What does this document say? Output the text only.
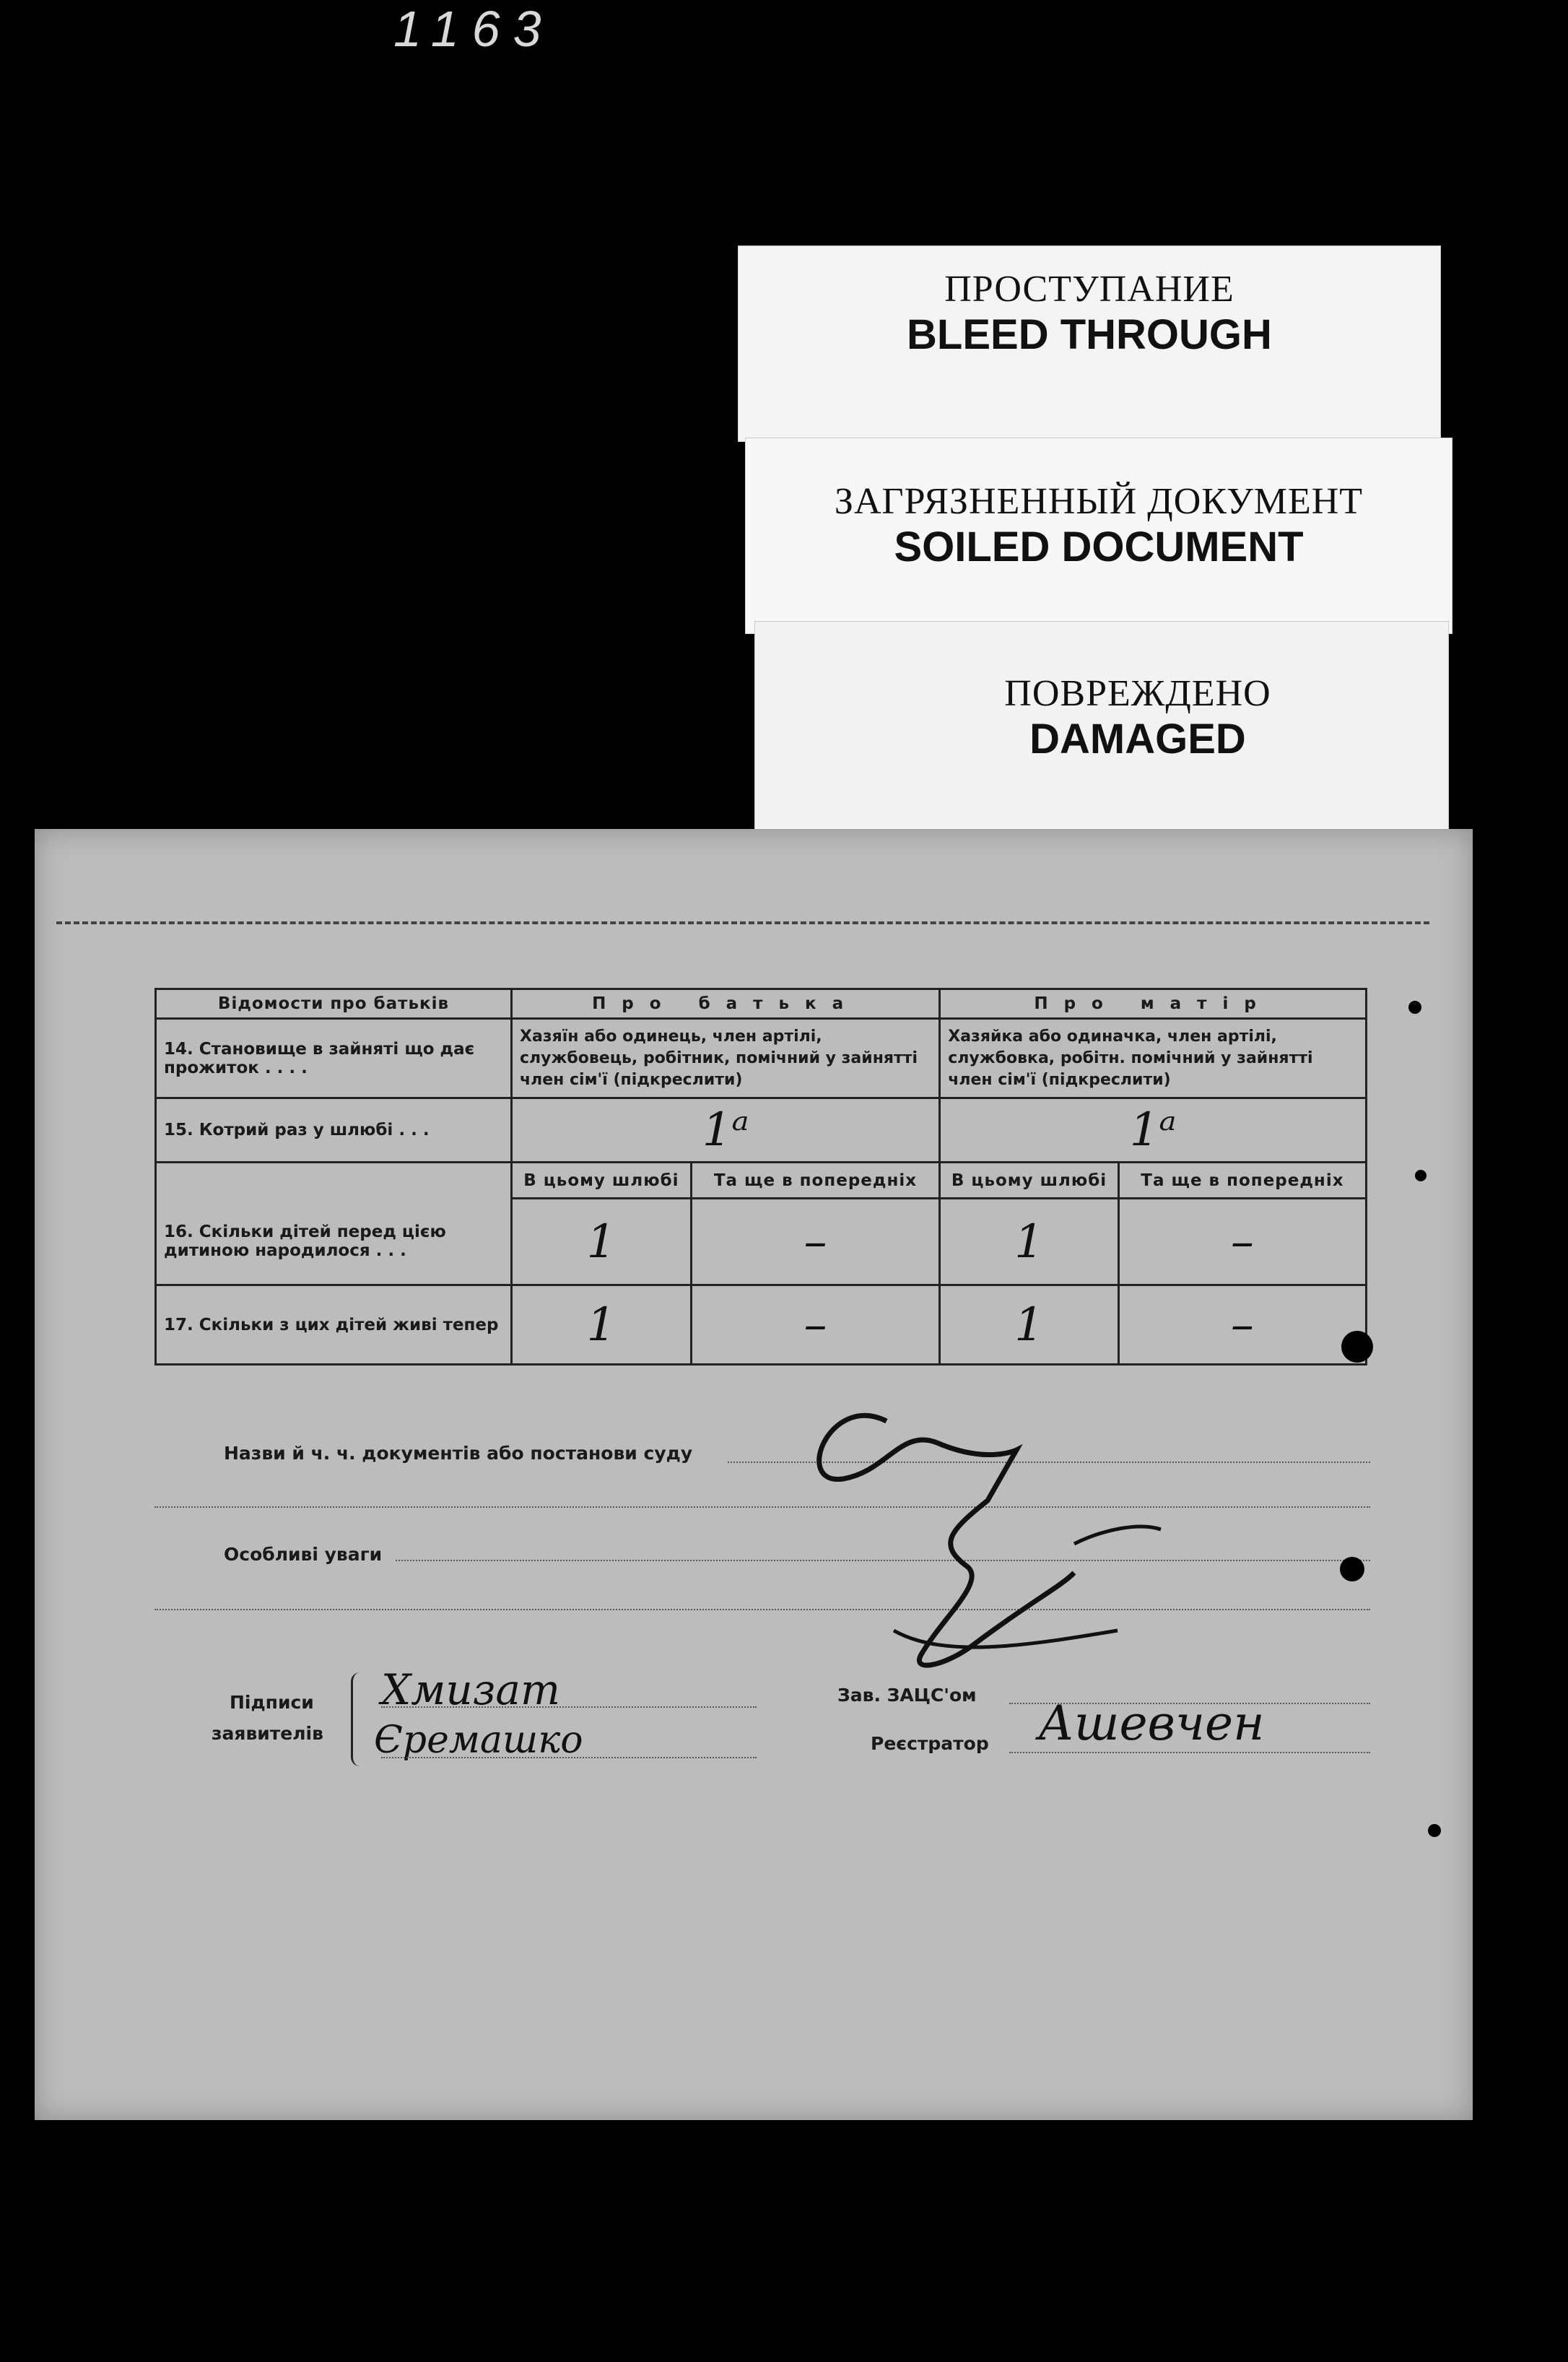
1163
ПРОСТУПАНИЕ
BLEED THROUGH
ЗАГРЯЗНЕННЫЙ ДОКУМЕНТ
SOILED DOCUMENT
ПОВРЕЖДЕНО
DAMAGED
Відомости про батьків	Про батька		Про матір	
14. Становище в зайняті що дає прожиток . . . .	Хазяїн або одинець, член артілі, службовець, робітник, помічний у зайнятті член сім'ї (підкреслити)		Хазяйка або одиначка, член артілі, службовка, робітн. помічний у зайнятті член сім'ї (підкреслити)	
15. Котрий раз у шлюбі . . .	1ᵃ		1ᵃ	
	В цьому шлюбі	Та ще в попередніх	В цьому шлюбі	Та ще в попередніх
16. Скільки дітей перед цією дитиною народилося . . .	1	–	1	–
17. Скільки з цих дітей живі тепер	1	–	1	–
Назви й ч. ч. документів або постанови суду
Особливі уваги
Підписи
заявителів
Хмизат
Єремашко
Зав. ЗАЦС'ом
Реєстратор Ашевчен
